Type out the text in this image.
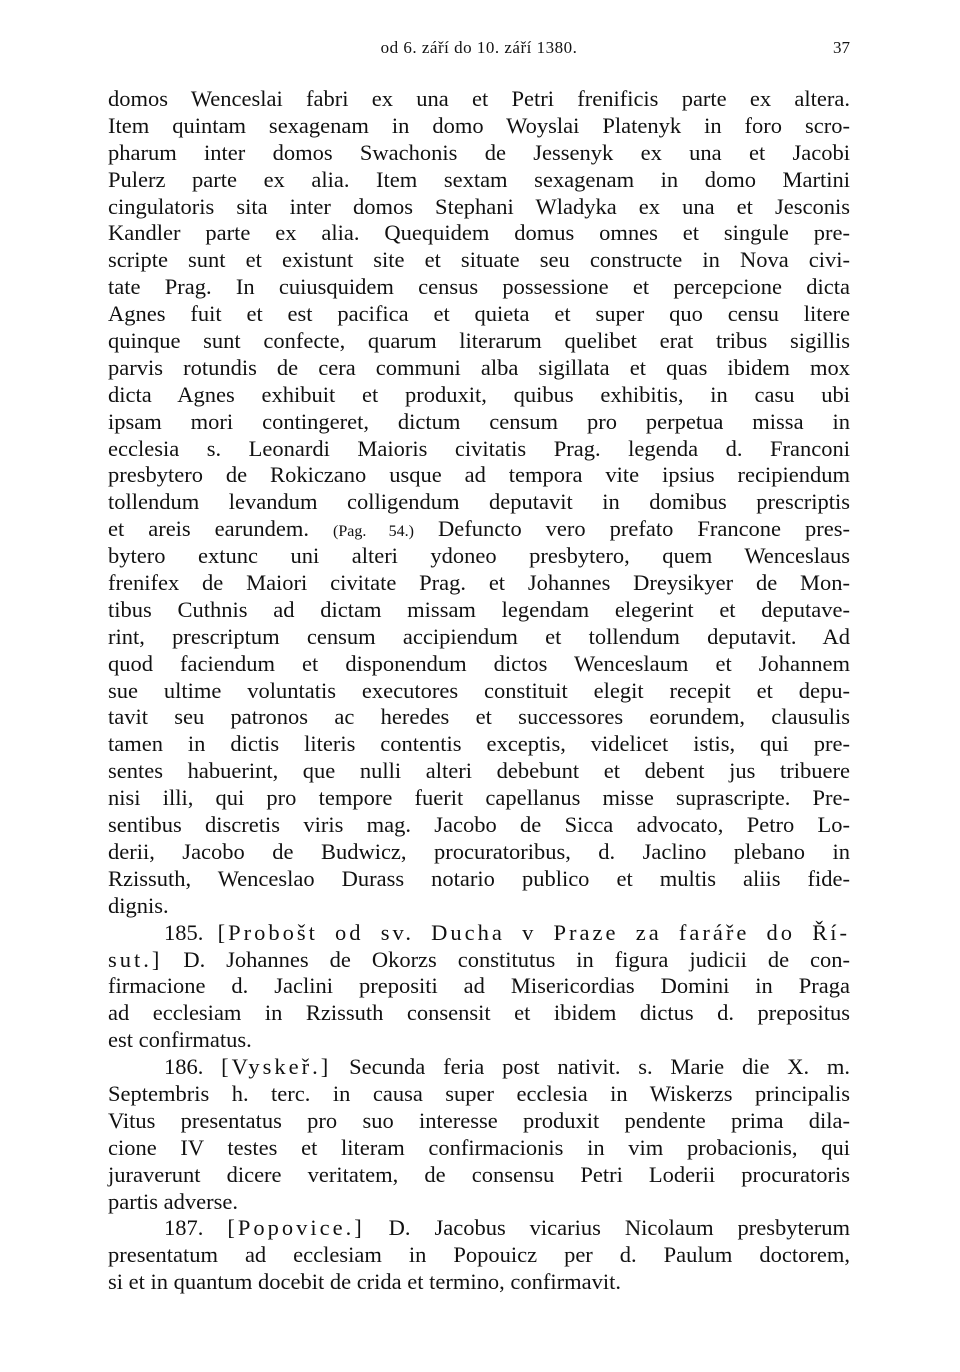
od 6. září do 10. září 1380.	37
domos Wenceslai fabri ex una et Petri frenificis parte ex altera.
Item quintam sexagenam in domo Woyslai Platenyk in foro scro-
pharum inter domos Swachonis de Jessenyk ex una et Jacobi
Pulerz parte ex alia. Item sextam sexagenam in domo Martini
cingulatoris sita inter domos Stephani Wladyka ex una et Jesconis
Kandler parte ex alia. Quequidem domus omnes et singule pre-
scripte sunt et existunt site et situate seu constructe in Nova civi-
tate Prag. In cuiusquidem census possessione et percepcione dicta
Agnes fuit et est pacifica et quieta et super quo censu litere
quinque sunt confecte, quarum literarum quelibet erat tribus sigillis
parvis rotundis de cera communi alba sigillata et quas ibidem mox
dicta Agnes exhibuit et produxit, quibus exhibitis, in casu ubi
ipsam mori contingeret, dictum censum pro perpetua missa in
ecclesia s. Leonardi Maioris civitatis Prag. legenda d. Franconi
presbytero de Rokiczano usque ad tempora vite ipsius recipiendum
tollendum levandum colligendum deputavit in domibus prescriptis
et areis earundem. (Pag. 54.) Defuncto vero prefato Francone pres-
bytero extunc uni alteri ydoneo presbytero, quem Wenceslaus
frenifex de Maiori civitate Prag. et Johannes Dreysikyer de Mon-
tibus Cuthnis ad dictam missam legendam elegerint et deputave-
rint, prescriptum censum accipiendum et tollendum deputavit. Ad
quod faciendum et disponendum dictos Wenceslaum et Johannem
sue ultime voluntatis executores constituit elegit recepit et depu-
tavit seu patronos ac heredes et successores eorundem, clausulis
tamen in dictis literis contentis exceptis, videlicet istis, qui pre-
sentes habuerint, que nulli alteri debebunt et debent jus tribuere
nisi illi, qui pro tempore fuerit capellanus misse suprascripte. Pre-
sentibus discretis viris mag. Jacobo de Sicca advocato, Petro Lo-
derii, Jacobo de Budwicz, procuratoribus, d. Jaclino plebano in
Rzissuth, Wenceslao Durass notario publico et multis aliis fide-
dignis.
185. [Probošt od sv. Ducha v Praze za faráře do Ří-
sut.] D. Johannes de Okorzs constitutus in figura judicii de con-
firmacione d. Jaclini prepositi ad Misericordias Domini in Praga
ad ecclesiam in Rzissuth consensit et ibidem dictus d. prepositus
est confirmatus.
186. [Vyskeř.] Secunda feria post nativit. s. Marie die X. m.
Septembris h. terc. in causa super ecclesia in Wiskerzs principalis
Vitus presentatus pro suo interesse produxit pendente prima dila-
cione IV testes et literam confirmacionis in vim probacionis, qui
juraverunt dicere veritatem, de consensu Petri Loderii procuratoris
partis adverse.
187. [Popovice.] D. Jacobus vicarius Nicolaum presbyterum
presentatum ad ecclesiam in Popouicz per d. Paulum doctorem,
si et in quantum docebit de crida et termino, confirmavit.
